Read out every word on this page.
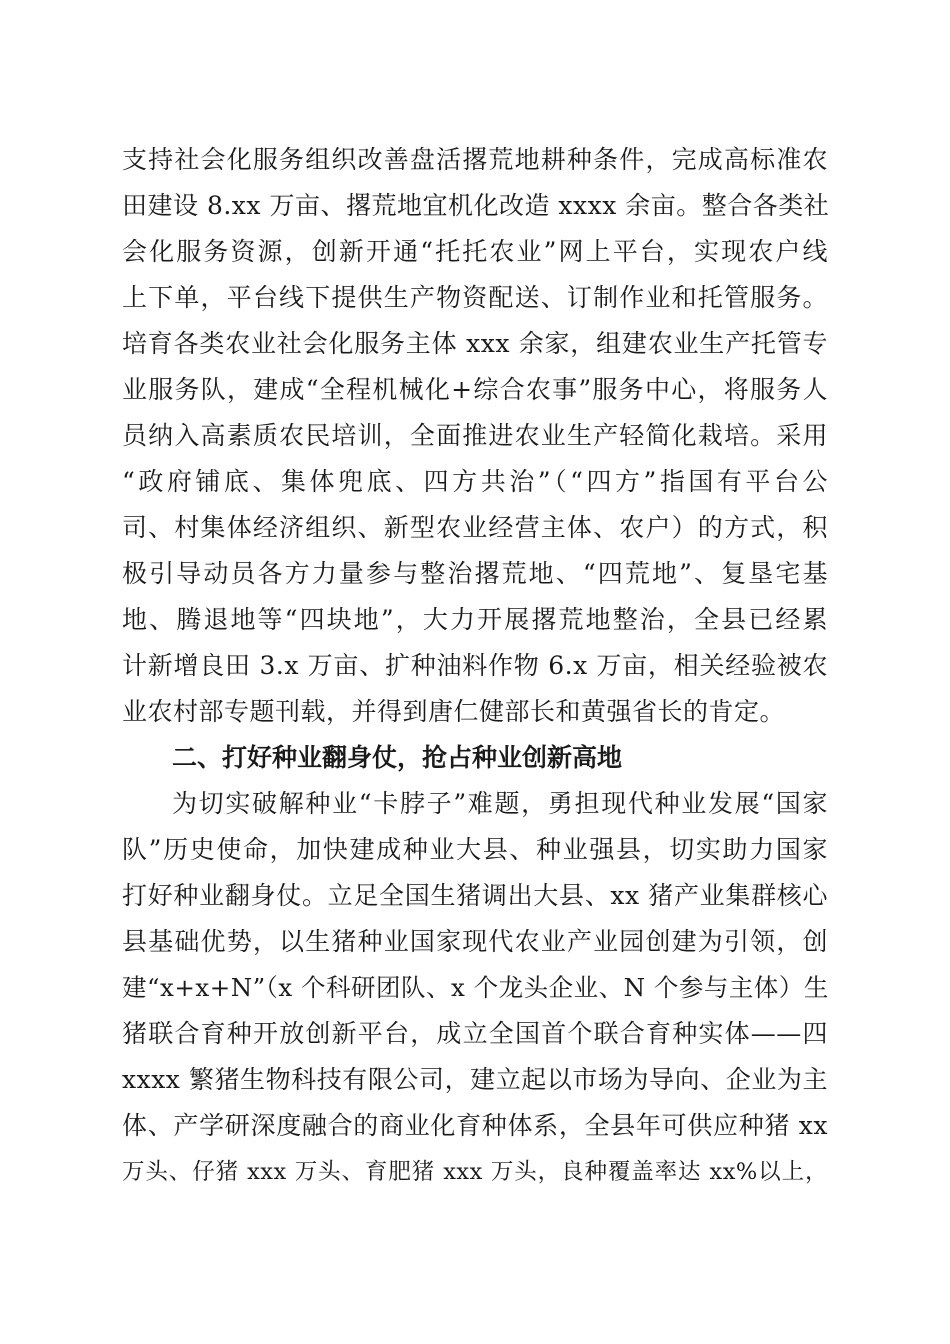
支持社会化服务组织改善盘活撂荒地耕种条件，完成高标准农
田建设 8.xx 万亩、撂荒地宜机化改造 xxxx 余亩。整合各类社
会化服务资源，创新开通“托托农业”网上平台，实现农户线
上下单，平台线下提供生产物资配送、订制作业和托管服务。
培育各类农业社会化服务主体 xxx 余家，组建农业生产托管专
业服务队，建成“全程机械化+综合农事”服务中心，将服务人
员纳入高素质农民培训，全面推进农业生产轻简化栽培。采用
“政府铺底、集体兜底、四方共治”（“四方”指国有平台公
司、村集体经济组织、新型农业经营主体、农户）的方式，积
极引导动员各方力量参与整治撂荒地、“四荒地”、复垦宅基
地、腾退地等“四块地”，大力开展撂荒地整治，全县已经累
计新增良田 3.x 万亩、扩种油料作物 6.x 万亩，相关经验被农
业农村部专题刊载，并得到唐仁健部长和黄强省长的肯定。
二、打好种业翻身仗，抢占种业创新高地
为切实破解种业“卡脖子”难题，勇担现代种业发展“国家
队”历史使命，加快建成种业大县、种业强县，切实助力国家
打好种业翻身仗。立足全国生猪调出大县、xx 猪产业集群核心
县基础优势，以生猪种业国家现代农业产业园创建为引领，创
建“x+x+N”（x 个科研团队、x 个龙头企业、N 个参与主体）生
猪联合育种开放创新平台，成立全国首个联合育种实体——四
xxxx 繁猪生物科技有限公司，建立起以市场为导向、企业为主
体、产学研深度融合的商业化育种体系，全县年可供应种猪 xx
万头、仔猪 xxx 万头、育肥猪 xxx 万头，良种覆盖率达 xx%以上，
